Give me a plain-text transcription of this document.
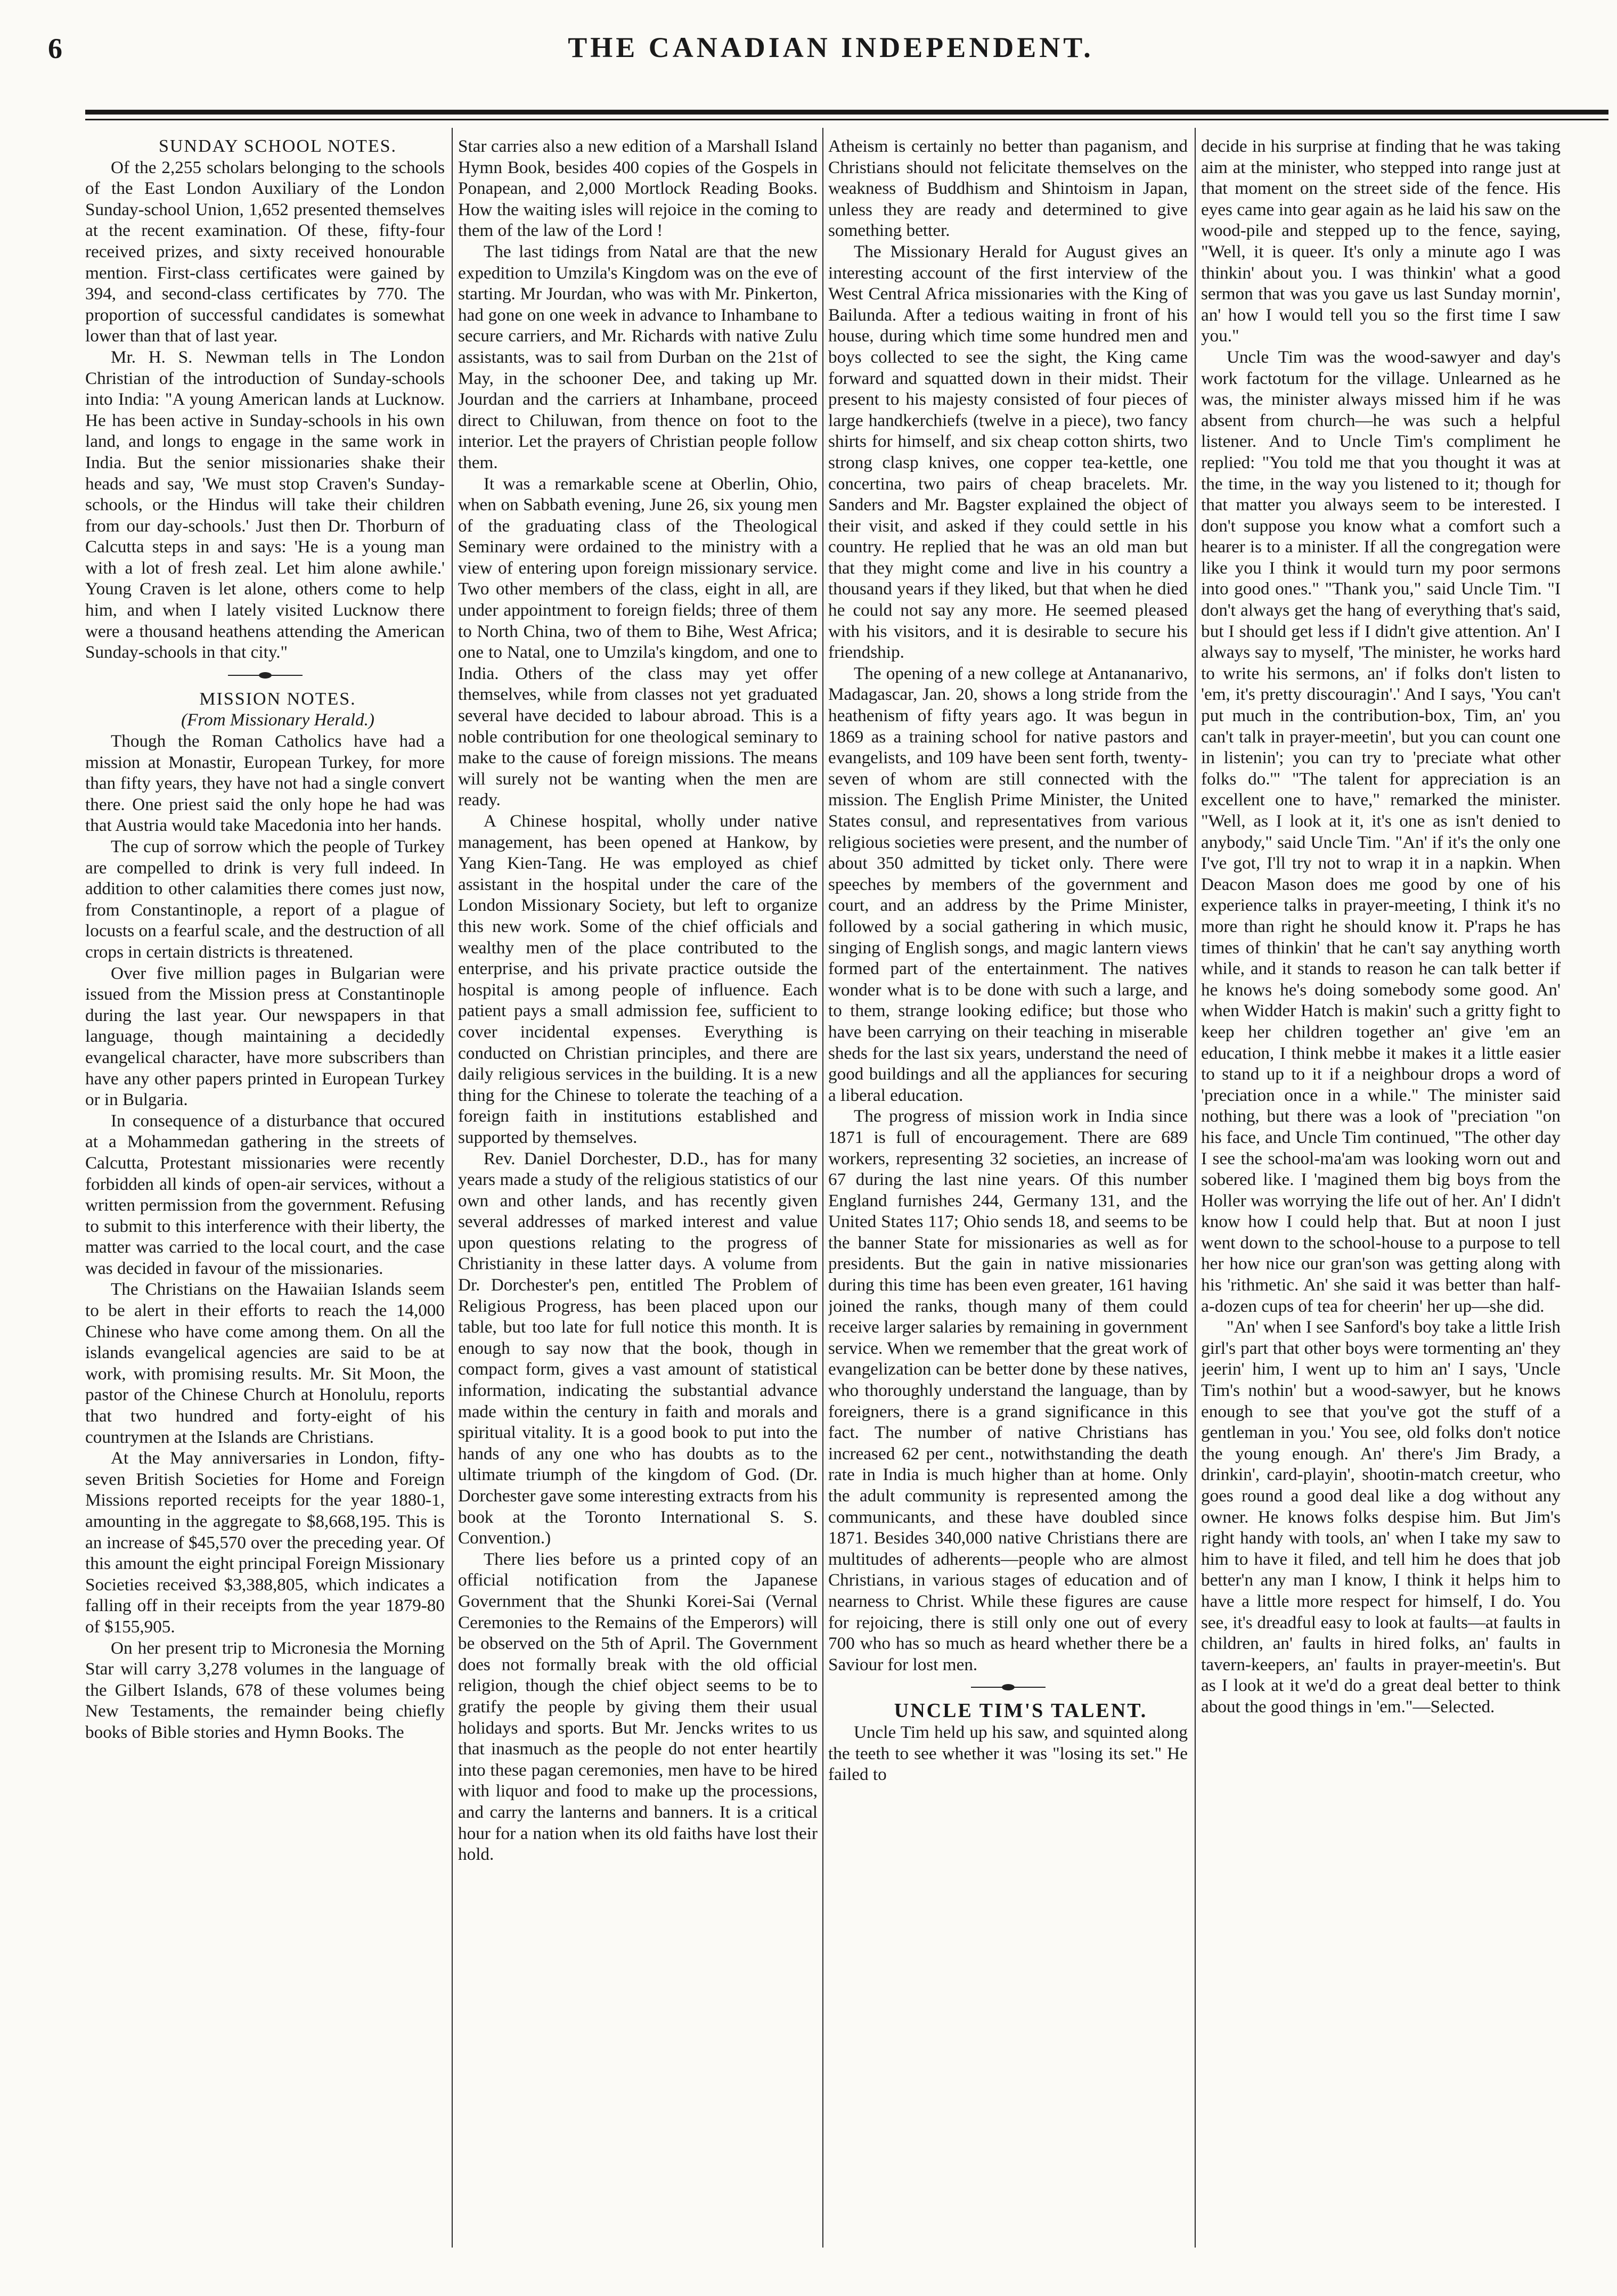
6	THE CANADIAN INDEPENDENT.

SUNDAY SCHOOL NOTES.

Of the 2,255 scholars belonging to the schools of the East London Auxiliary of the London Sunday-school Union, 1,652 presented themselves at the recent examination. Of these, fifty-four received prizes, and sixty received honourable mention. First-class certificates were gained by 394, and second-class certificates by 770. The proportion of successful candidates is somewhat lower than that of last year.

Mr. H. S. Newman tells in The London Christian of the introduction of Sunday-schools into India: "A young American lands at Lucknow. He has been active in Sunday-schools in his own land, and longs to engage in the same work in India. But the senior missionaries shake their heads and say, 'We must stop Craven's Sunday-schools, or the Hindus will take their children from our day-schools.' Just then Dr. Thorburn of Calcutta steps in and says: 'He is a young man with a lot of fresh zeal. Let him alone awhile.' Young Craven is let alone, others come to help him, and when I lately visited Lucknow there were a thousand heathens attending the American Sunday-schools in that city."

MISSION NOTES.

(From Missionary Herald.)

Though the Roman Catholics have had a mission at Monastir, European Turkey, for more than fifty years, they have not had a single convert there. One priest said the only hope he had was that Austria would take Macedonia into her hands.

The cup of sorrow which the people of Turkey are compelled to drink is very full indeed. In addition to other calamities there comes just now, from Constantinople, a report of a plague of locusts on a fearful scale, and the destruction of all crops in certain districts is threatened.

Over five million pages in Bulgarian were issued from the Mission press at Constantinople during the last year. Our newspapers in that language, though maintaining a decidedly evangelical character, have more subscribers than have any other papers printed in European Turkey or in Bulgaria.

In consequence of a disturbance that occured at a Mohammedan gathering in the streets of Calcutta, Protestant missionaries were recently forbidden all kinds of open-air services, without a written permission from the government. Refusing to submit to this interference with their liberty, the matter was carried to the local court, and the case was decided in favour of the missionaries.

The Christians on the Hawaiian Islands seem to be alert in their efforts to reach the 14,000 Chinese who have come among them. On all the islands evangelical agencies are said to be at work, with promising results. Mr. Sit Moon, the pastor of the Chinese Church at Honolulu, reports that two hundred and forty-eight of his countrymen at the Islands are Christians.

At the May anniversaries in London, fifty-seven British Societies for Home and Foreign Missions reported receipts for the year 1880-1, amounting in the aggregate to $8,668,195. This is an increase of $45,570 over the preceding year. Of this amount the eight principal Foreign Missionary Societies received $3,388,805, which indicates a falling off in their receipts from the year 1879-80 of $155,905.

On her present trip to Micronesia the Morning Star will carry 3,278 volumes in the language of the Gilbert Islands, 678 of these volumes being New Testaments, the remainder being chiefly books of Bible stories and Hymn Books. The

Star carries also a new edition of a Marshall Island Hymn Book, besides 400 copies of the Gospels in Ponapean, and 2,000 Mortlock Reading Books. How the waiting isles will rejoice in the coming to them of the law of the Lord !

The last tidings from Natal are that the new expedition to Umzila's Kingdom was on the eve of starting. Mr Jourdan, who was with Mr. Pinkerton, had gone on one week in advance to Inhambane to secure carriers, and Mr. Richards with native Zulu assistants, was to sail from Durban on the 21st of May, in the schooner Dee, and taking up Mr. Jourdan and the carriers at Inhambane, proceed direct to Chiluwan, from thence on foot to the interior. Let the prayers of Christian people follow them.

It was a remarkable scene at Oberlin, Ohio, when on Sabbath evening, June 26, six young men of the graduating class of the Theological Seminary were ordained to the ministry with a view of entering upon foreign missionary service. Two other members of the class, eight in all, are under appointment to foreign fields; three of them to North China, two of them to Bihe, West Africa; one to Natal, one to Umzila's kingdom, and one to India. Others of the class may yet offer themselves, while from classes not yet graduated several have decided to labour abroad. This is a noble contribution for one theological seminary to make to the cause of foreign missions. The means will surely not be wanting when the men are ready.

A Chinese hospital, wholly under native management, has been opened at Hankow, by Yang Kien-Tang. He was employed as chief assistant in the hospital under the care of the London Missionary Society, but left to organize this new work. Some of the chief officials and wealthy men of the place contributed to the enterprise, and his private practice outside the hospital is among people of influence. Each patient pays a small admission fee, sufficient to cover incidental expenses. Everything is conducted on Christian principles, and there are daily religious services in the building. It is a new thing for the Chinese to tolerate the teaching of a foreign faith in institutions established and supported by themselves.

Rev. Daniel Dorchester, D.D., has for many years made a study of the religious statistics of our own and other lands, and has recently given several addresses of marked interest and value upon questions relating to the progress of Christianity in these latter days. A volume from Dr. Dorchester's pen, entitled The Problem of Religious Progress, has been placed upon our table, but too late for full notice this month. It is enough to say now that the book, though in compact form, gives a vast amount of statistical information, indicating the substantial advance made within the century in faith and morals and spiritual vitality. It is a good book to put into the hands of any one who has doubts as to the ultimate triumph of the kingdom of God. (Dr. Dorchester gave some interesting extracts from his book at the Toronto International S. S. Convention.)

There lies before us a printed copy of an official notification from the Japanese Government that the Shunki Korei-Sai (Vernal Ceremonies to the Remains of the Emperors) will be observed on the 5th of April. The Government does not formally break with the old official religion, though the chief object seems to be to gratify the people by giving them their usual holidays and sports. But Mr. Jencks writes to us that inasmuch as the people do not enter heartily into these pagan ceremonies, men have to be hired with liquor and food to make up the processions, and carry the lanterns and banners. It is a critical hour for a nation when its old faiths have lost their hold.

Atheism is certainly no better than paganism, and Christians should not felicitate themselves on the weakness of Buddhism and Shintoism in Japan, unless they are ready and determined to give something better.

The Missionary Herald for August gives an interesting account of the first interview of the West Central Africa missionaries with the King of Bailunda. After a tedious waiting in front of his house, during which time some hundred men and boys collected to see the sight, the King came forward and squatted down in their midst. Their present to his majesty consisted of four pieces of large handkerchiefs (twelve in a piece), two fancy shirts for himself, and six cheap cotton shirts, two strong clasp knives, one copper tea-kettle, one concertina, two pairs of cheap bracelets. Mr. Sanders and Mr. Bagster explained the object of their visit, and asked if they could settle in his country. He replied that he was an old man but that they might come and live in his country a thousand years if they liked, but that when he died he could not say any more. He seemed pleased with his visitors, and it is desirable to secure his friendship.

The opening of a new college at Antananarivo, Madagascar, Jan. 20, shows a long stride from the heathenism of fifty years ago. It was begun in 1869 as a training school for native pastors and evangelists, and 109 have been sent forth, twenty-seven of whom are still connected with the mission. The English Prime Minister, the United States consul, and representatives from various religious societies were present, and the number of about 350 admitted by ticket only. There were speeches by members of the government and court, and an address by the Prime Minister, followed by a social gathering in which music, singing of English songs, and magic lantern views formed part of the entertainment. The natives wonder what is to be done with such a large, and to them, strange looking edifice; but those who have been carrying on their teaching in miserable sheds for the last six years, understand the need of good buildings and all the appliances for securing a liberal education.

The progress of mission work in India since 1871 is full of encouragement. There are 689 workers, representing 32 societies, an increase of 67 during the last nine years. Of this number England furnishes 244, Germany 131, and the United States 117; Ohio sends 18, and seems to be the banner State for missionaries as well as for presidents. But the gain in native missionaries during this time has been even greater, 161 having joined the ranks, though many of them could receive larger salaries by remaining in government service. When we remember that the great work of evangelization can be better done by these natives, who thoroughly understand the language, than by foreigners, there is a grand significance in this fact. The number of native Christians has increased 62 per cent., notwithstanding the death rate in India is much higher than at home. Only the adult community is represented among the communicants, and these have doubled since 1871. Besides 340,000 native Christians there are multitudes of adherents—people who are almost Christians, in various stages of education and of nearness to Christ. While these figures are cause for rejoicing, there is still only one out of every 700 who has so much as heard whether there be a Saviour for lost men.

UNCLE TIM'S TALENT.

Uncle Tim held up his saw, and squinted along the teeth to see whether it was "losing its set." He failed to

decide in his surprise at finding that he was taking aim at the minister, who stepped into range just at that moment on the street side of the fence. His eyes came into gear again as he laid his saw on the wood-pile and stepped up to the fence, saying, "Well, it is queer. It's only a minute ago I was thinkin' about you. I was thinkin' what a good sermon that was you gave us last Sunday mornin', an' how I would tell you so the first time I saw you."

Uncle Tim was the wood-sawyer and day's work factotum for the village. Unlearned as he was, the minister always missed him if he was absent from church—he was such a helpful listener. And to Uncle Tim's compliment he replied: "You told me that you thought it was at the time, in the way you listened to it; though for that matter you always seem to be interested. I don't suppose you know what a comfort such a hearer is to a minister. If all the congregation were like you I think it would turn my poor sermons into good ones." "Thank you," said Uncle Tim. "I don't always get the hang of everything that's said, but I should get less if I didn't give attention. An' I always say to myself, 'The minister, he works hard to write his sermons, an' if folks don't listen to 'em, it's pretty discouragin'.' And I says, 'You can't put much in the contribution-box, Tim, an' you can't talk in prayer-meetin', but you can count one in listenin'; you can try to 'preciate what other folks do.'" "The talent for appreciation is an excellent one to have," remarked the minister. "Well, as I look at it, it's one as isn't denied to anybody," said Uncle Tim. "An' if it's the only one I've got, I'll try not to wrap it in a napkin. When Deacon Mason does me good by one of his experience talks in prayer-meeting, I think it's no more than right he should know it. P'raps he has times of thinkin' that he can't say anything worth while, and it stands to reason he can talk better if he knows he's doing somebody some good. An' when Widder Hatch is makin' such a gritty fight to keep her children together an' give 'em an education, I think mebbe it makes it a little easier to stand up to it if a neighbour drops a word of 'preciation once in a while." The minister said nothing, but there was a look of "preciation "on his face, and Uncle Tim continued, "The other day I see the school-ma'am was looking worn out and sobered like. I 'magined them big boys from the Holler was worrying the life out of her. An' I didn't know how I could help that. But at noon I just went down to the school-house to a purpose to tell her how nice our gran'son was getting along with his 'rithmetic. An' she said it was better than half-a-dozen cups of tea for cheerin' her up—she did.

"An' when I see Sanford's boy take a little Irish girl's part that other boys were tormenting an' they jeerin' him, I went up to him an' I says, 'Uncle Tim's nothin' but a wood-sawyer, but he knows enough to see that you've got the stuff of a gentleman in you.' You see, old folks don't notice the young enough. An' there's Jim Brady, a drinkin', card-playin', shootin-match creetur, who goes round a good deal like a dog without any owner. He knows folks despise him. But Jim's right handy with tools, an' when I take my saw to him to have it filed, and tell him he does that job better'n any man I know, I think it helps him to have a little more respect for himself, I do. You see, it's dreadful easy to look at faults—at faults in children, an' faults in hired folks, an' faults in tavern-keepers, an' faults in prayer-meetin's. But as I look at it we'd do a great deal better to think about the good things in 'em."—Selected.
